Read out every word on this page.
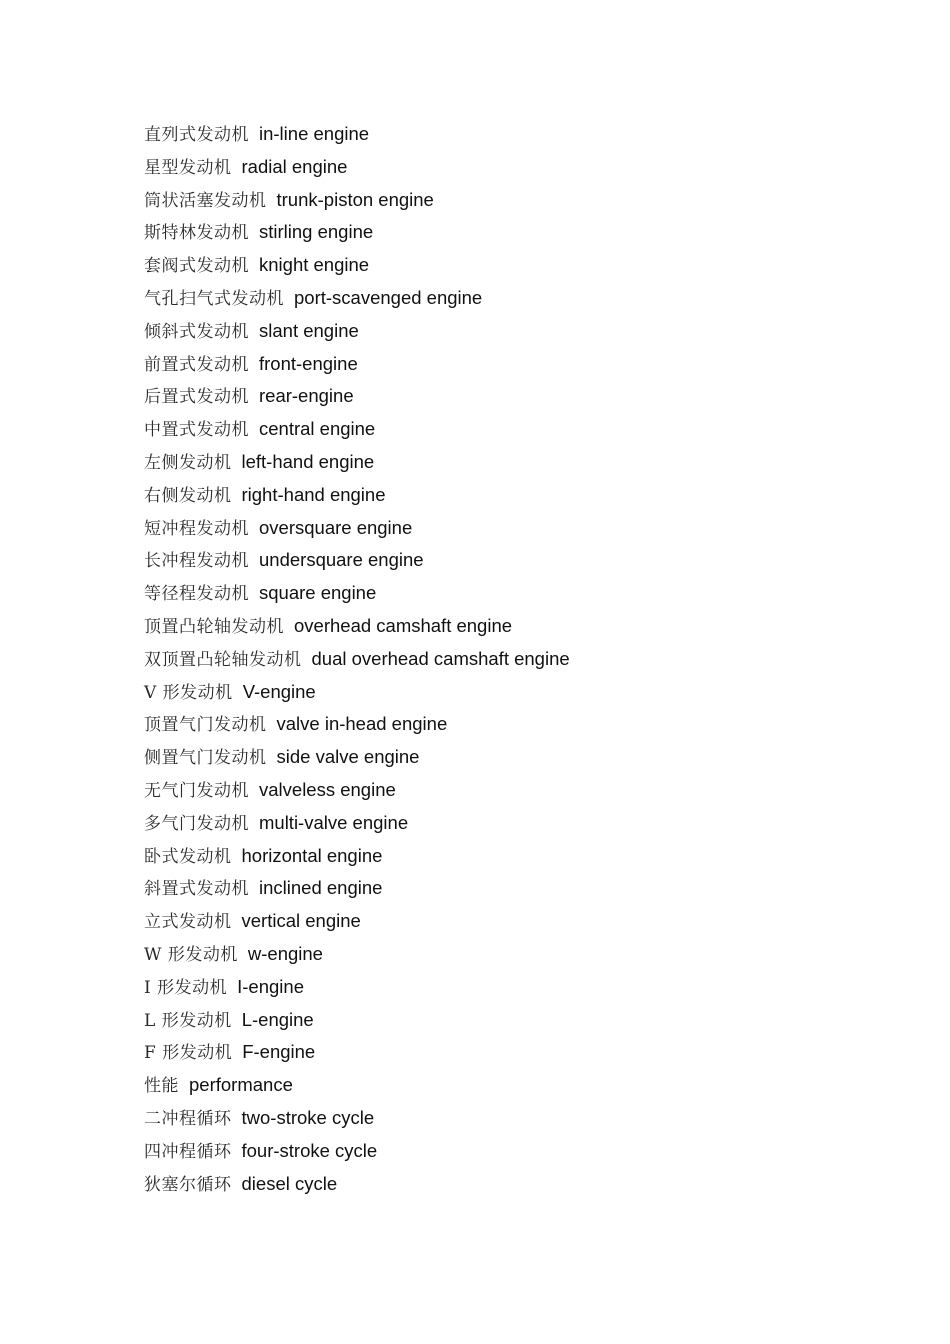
直列式发动机 in-line engine
星型发动机 radial engine
筒状活塞发动机 trunk-piston engine
斯特林发动机 stirling engine
套阀式发动机 knight engine
气孔扫气式发动机 port-scavenged engine
倾斜式发动机 slant engine
前置式发动机 front-engine
后置式发动机 rear-engine
中置式发动机 central engine
左侧发动机 left-hand engine
右侧发动机 right-hand engine
短冲程发动机 oversquare engine
长冲程发动机 undersquare engine
等径程发动机 square engine
顶置凸轮轴发动机 overhead camshaft engine
双顶置凸轮轴发动机 dual overhead camshaft engine
V 形发动机 V-engine
顶置气门发动机 valve in-head engine
侧置气门发动机 side valve engine
无气门发动机 valveless engine
多气门发动机 multi-valve engine
卧式发动机 horizontal engine
斜置式发动机 inclined engine
立式发动机 vertical engine
W 形发动机 w-engine
I 形发动机 I-engine
L 形发动机 L-engine
F 形发动机 F-engine
性能 performance
二冲程循环 two-stroke cycle
四冲程循环 four-stroke cycle
狄塞尔循环 diesel cycle
